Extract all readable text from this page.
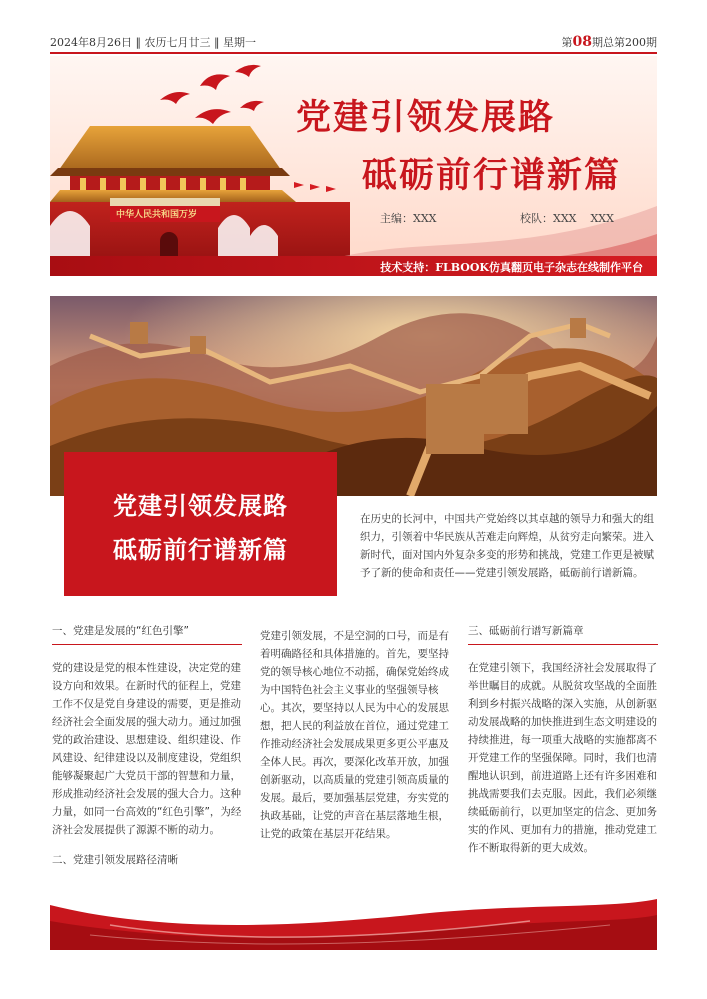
2024年8月26日 ‖ 农历七月廿三 ‖ 星期一	第08期总第200期
中华人民共和国万岁
党建引领发展路
砥砺前行谱新篇
主编：XXX	校队：XXX    XXX
技术支持：FLBOOK仿真翻页电子杂志在线制作平台
党建引领发展路
砥砺前行谱新篇
在历史的长河中，中国共产党始终以其卓越的领导力和强大的组织力，引领着中华民族从苦难走向辉煌，从贫穷走向繁荣。进入新时代，面对国内外复杂多变的形势和挑战，党建工作更是被赋予了新的使命和责任——党建引领发展路，砥砺前行谱新篇。

一、党建是发展的“红色引擎”

党的建设是党的根本性建设，决定党的建设方向和效果。在新时代的征程上，党建工作不仅是党自身建设的需要，更是推动经济社会全面发展的强大动力。通过加强党的政治建设、思想建设、组织建设、作风建设、纪律建设以及制度建设，党组织能够凝聚起广大党员干部的智慧和力量，形成推动经济社会发展的强大合力。这种力量，如同一台高效的“红色引擎”，为经济社会发展提供了源源不断的动力。

二、党建引领发展路径清晰

党建引领发展，不是空洞的口号，而是有着明确路径和具体措施的。首先，要坚持党的领导核心地位不动摇，确保党始终成为中国特色社会主义事业的坚强领导核心。其次，要坚持以人民为中心的发展思想，把人民的利益放在首位，通过党建工作推动经济社会发展成果更多更公平惠及全体人民。再次，要深化改革开放，加强创新驱动，以高质量的党建引领高质量的发展。最后，要加强基层党建，夯实党的执政基础，让党的声音在基层落地生根，让党的政策在基层开花结果。

三、砥砺前行谱写新篇章

在党建引领下，我国经济社会发展取得了举世瞩目的成就。从脱贫攻坚战的全面胜利到乡村振兴战略的深入实施，从创新驱动发展战略的加快推进到生态文明建设的持续推进，每一项重大战略的实施都离不开党建工作的坚强保障。同时，我们也清醒地认识到，前进道路上还有许多困难和挑战需要我们去克服。因此，我们必须继续砥砺前行，以更加坚定的信念、更加务实的作风、更加有力的措施，推动党建工作不断取得新的更大成效。
